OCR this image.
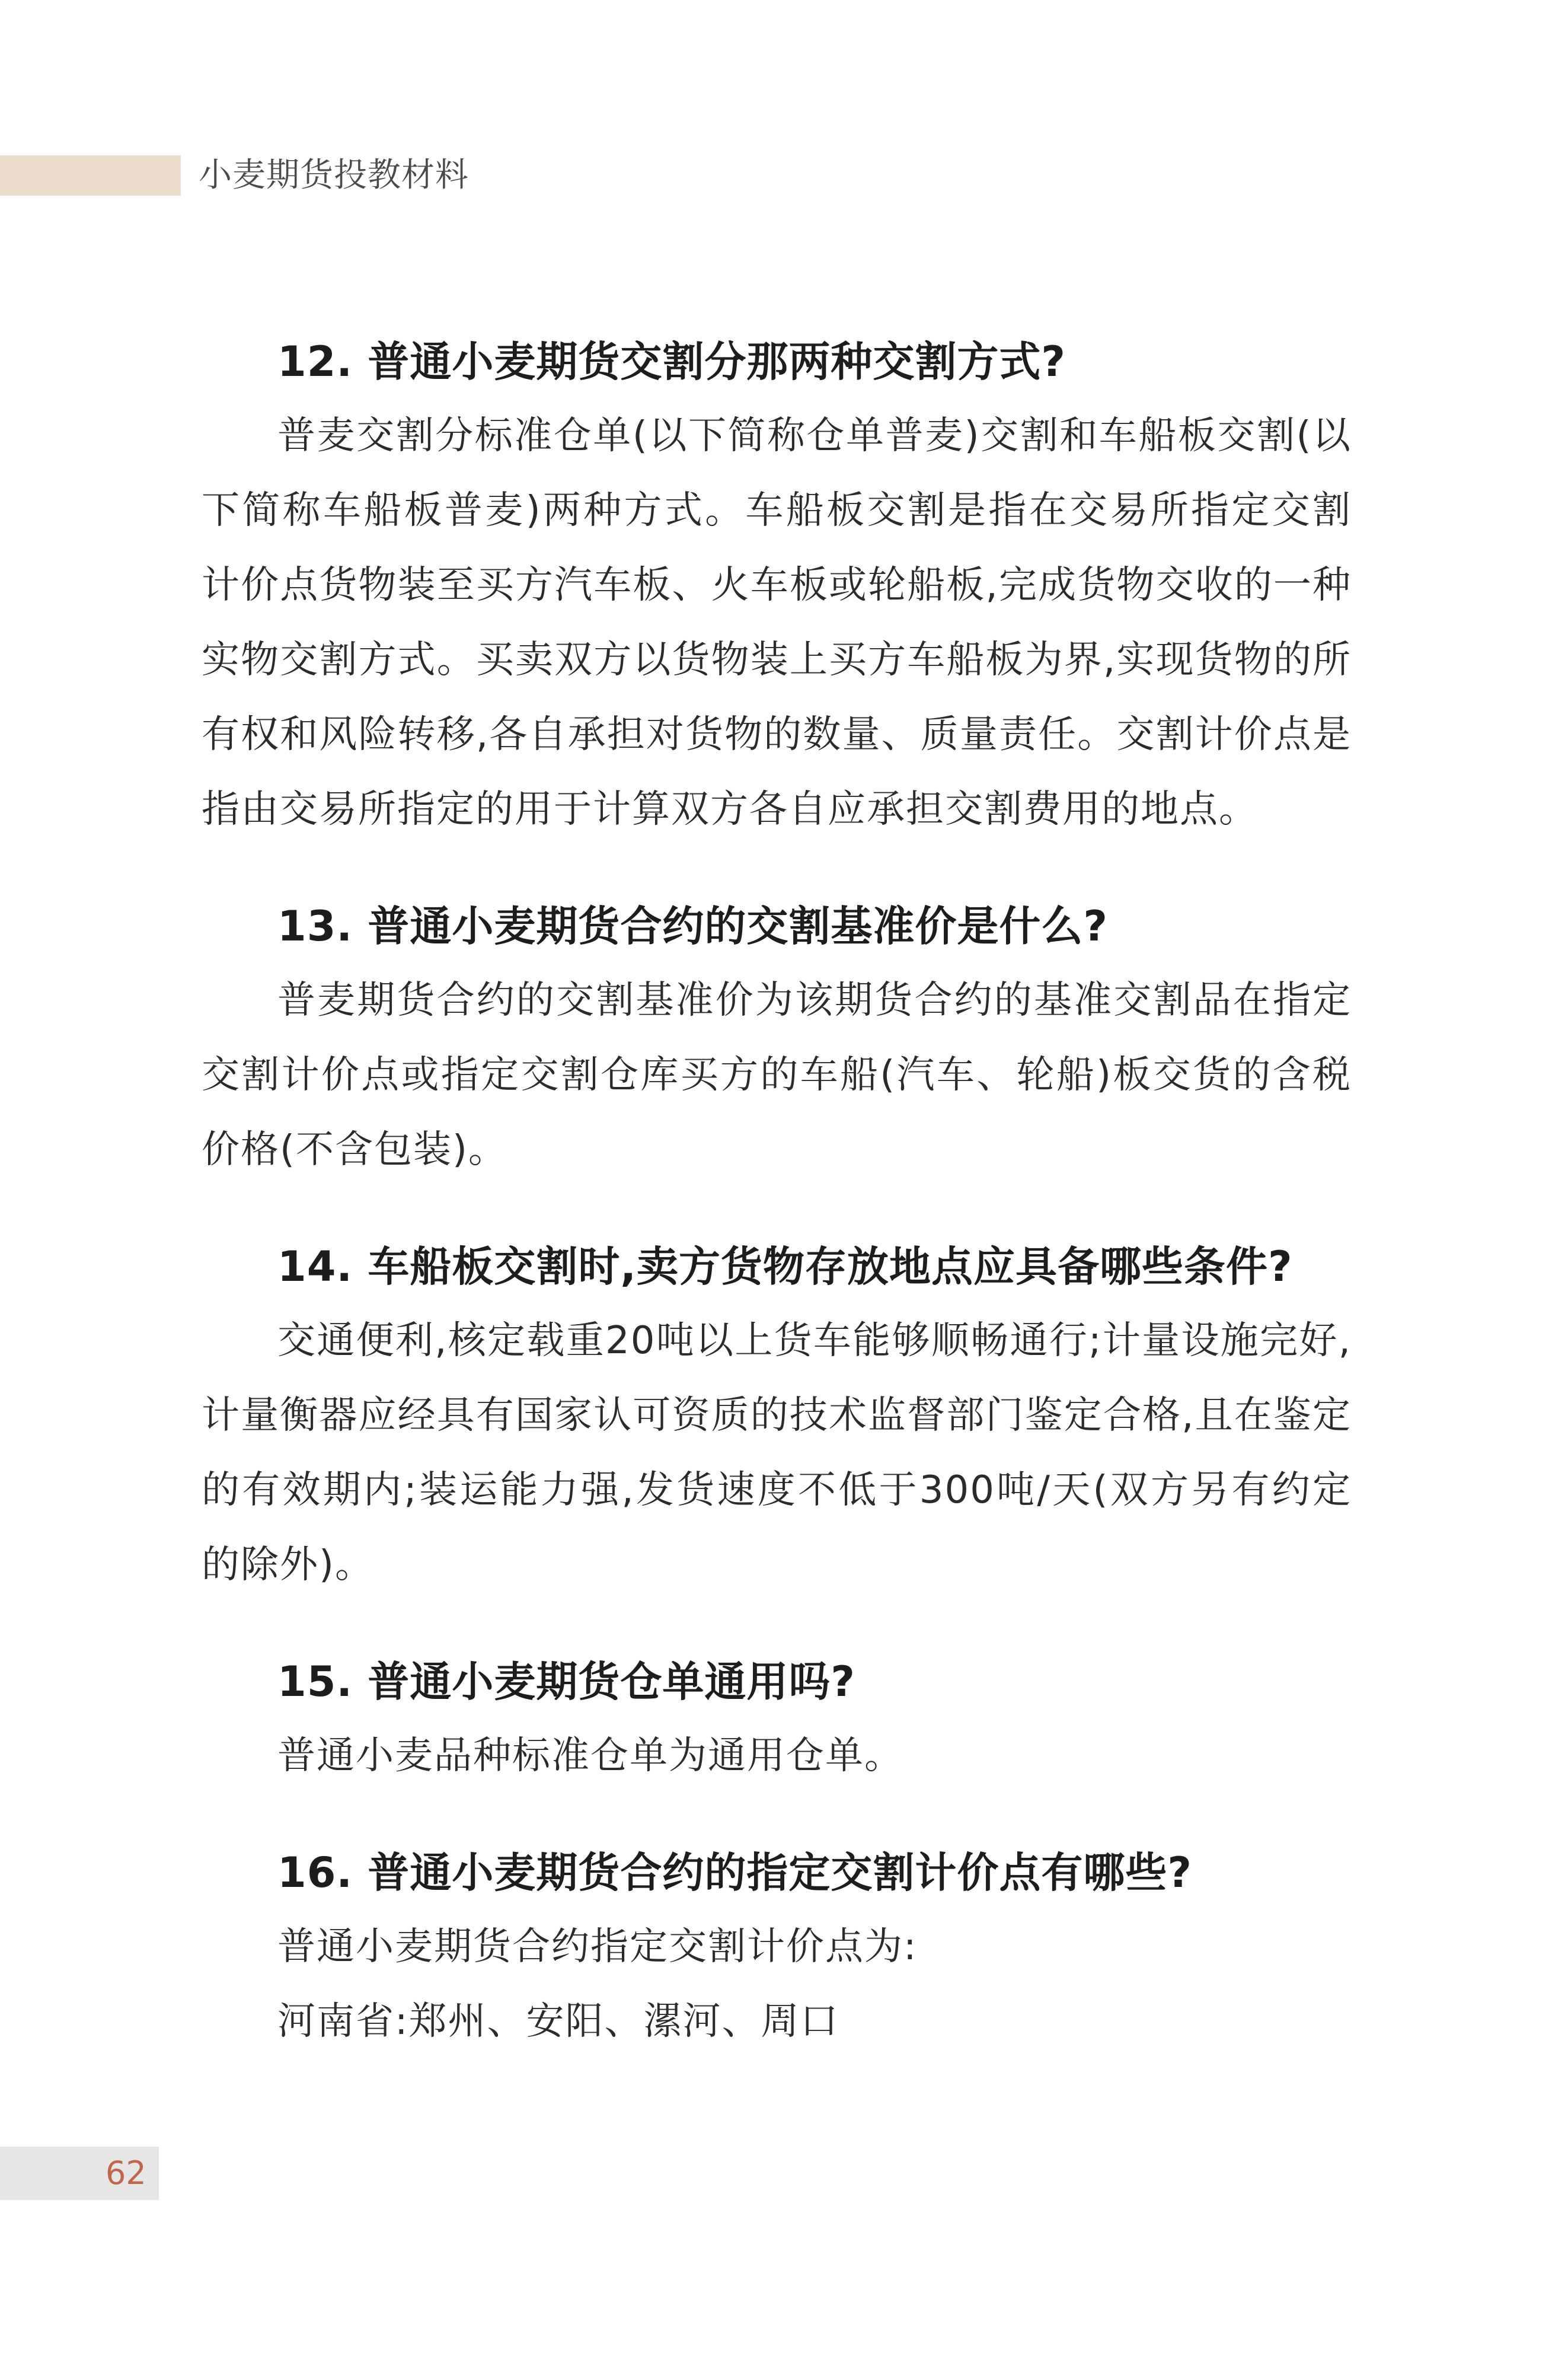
小麦期货投教材料
12. 普通小麦期货交割分那两种交割方式?

普麦交割分标准仓单(以下简称仓单普麦)交割和车船板交割(以下简称车船板普麦)两种方式。车船板交割是指在交易所指定交割计价点货物装至买方汽车板、火车板或轮船板,完成货物交收的一种实物交割方式。买卖双方以货物装上买方车船板为界,实现货物的所有权和风险转移,各自承担对货物的数量、质量责任。交割计价点是指由交易所指定的用于计算双方各自应承担交割费用的地点。

13. 普通小麦期货合约的交割基准价是什么?

普麦期货合约的交割基准价为该期货合约的基准交割品在指定交割计价点或指定交割仓库买方的车船(汽车、轮船)板交货的含税价格(不含包装)。

14. 车船板交割时,卖方货物存放地点应具备哪些条件?

交通便利,核定载重20吨以上货车能够顺畅通行;计量设施完好,计量衡器应经具有国家认可资质的技术监督部门鉴定合格,且在鉴定的有效期内;装运能力强,发货速度不低于300吨/天(双方另有约定的除外)。

15. 普通小麦期货仓单通用吗?

普通小麦品种标准仓单为通用仓单。

16. 普通小麦期货合约的指定交割计价点有哪些?

普通小麦期货合约指定交割计价点为:

河南省:郑州、安阳、漯河、周口

62
